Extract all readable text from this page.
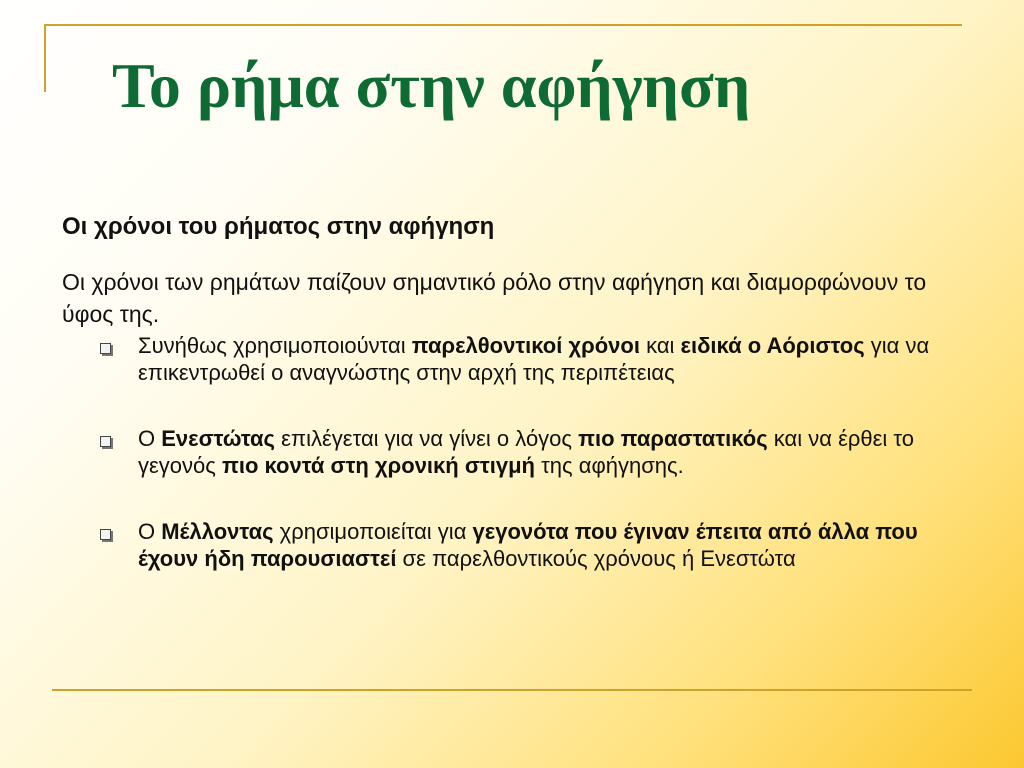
Το ρήμα στην αφήγηση

Οι χρόνοι του ρήματος στην αφήγηση

Οι χρόνοι των ρημάτων παίζουν σημαντικό ρόλο στην αφήγηση και διαμορφώνουν το ύφος της.

Συνήθως χρησιμοποιούνται παρελθοντικοί χρόνοι και ειδικά ο Αόριστος για να επικεντρωθεί ο αναγνώστης στην αρχή της περιπέτειας
Ο Ενεστώτας επιλέγεται για να γίνει ο λόγος πιο παραστατικός και να έρθει το γεγονός πιο κοντά στη χρονική στιγμή της αφήγησης.
Ο Μέλλοντας χρησιμοποιείται για γεγονότα που έγιναν έπειτα από άλλα που έχουν ήδη παρουσιαστεί σε παρελθοντικούς χρόνους ή Ενεστώτα
